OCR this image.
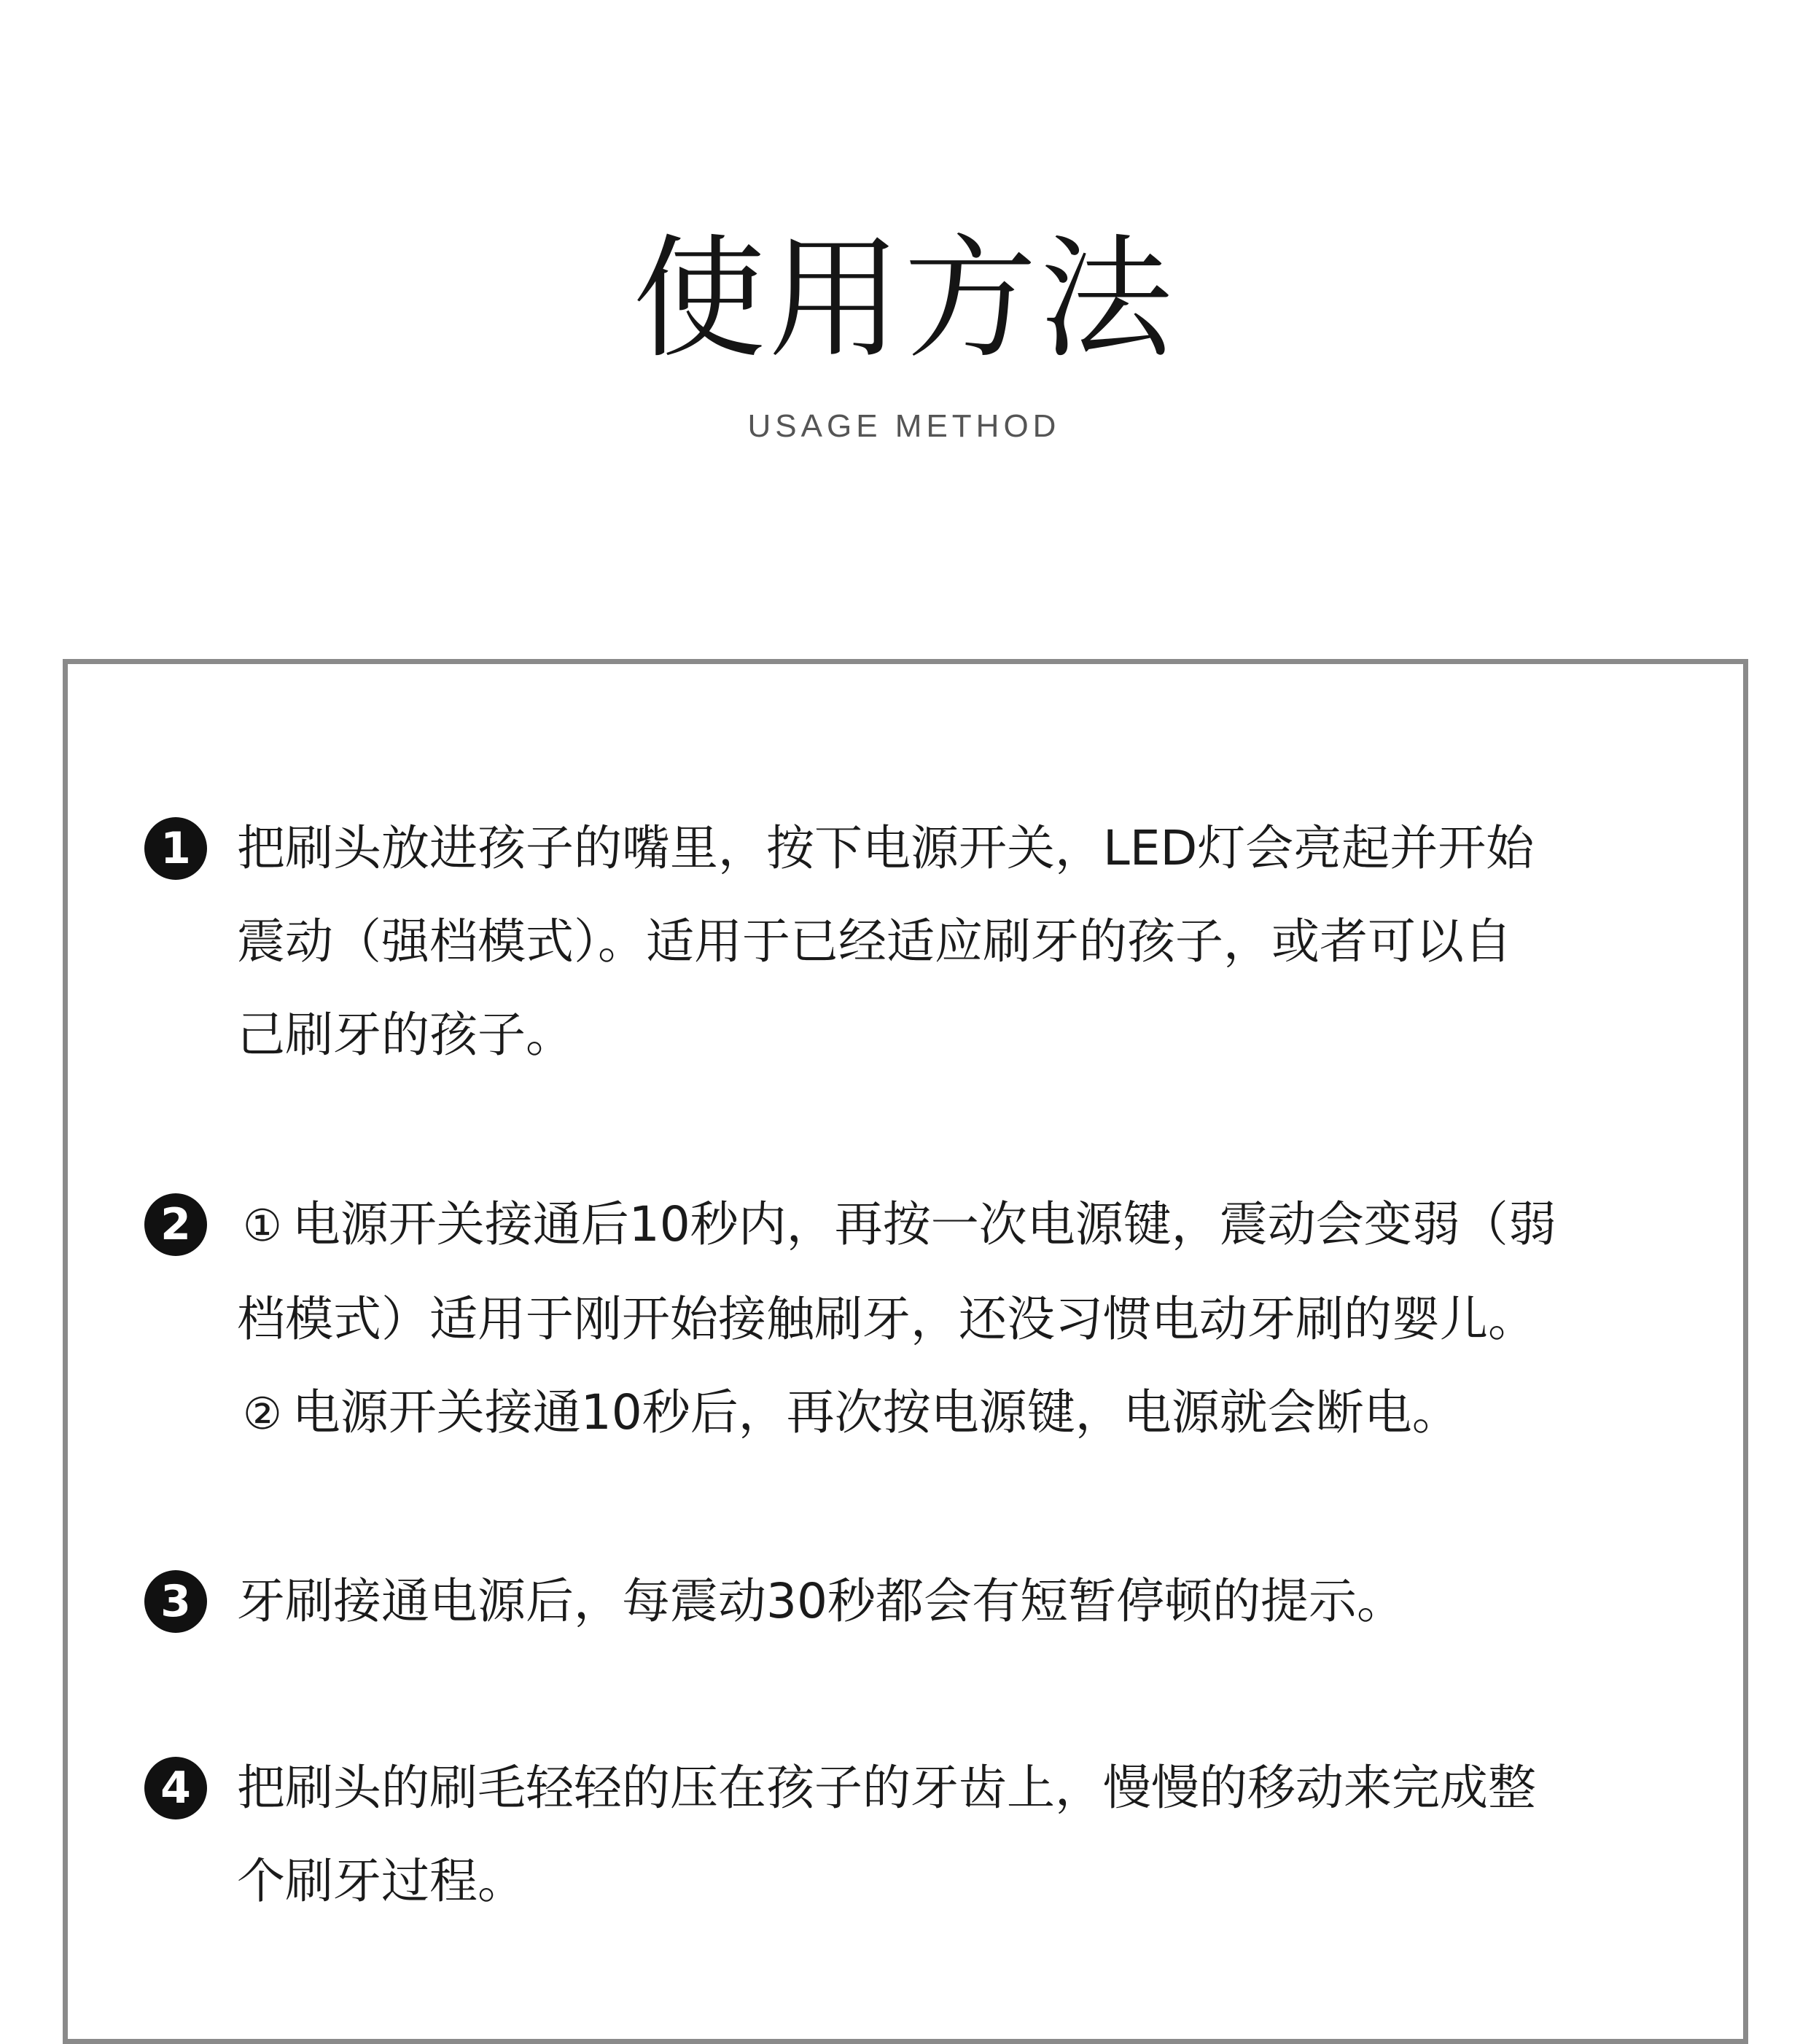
使用方法
USAGE METHOD
1 把刷头放进孩子的嘴里，按下电源开关，LED灯会亮起并开始
震动（强档模式）。适用于已经适应刷牙的孩子，或者可以自
己刷牙的孩子。

2	① 电源开关接通后10秒内，再按一次电源键，震动会变弱（弱
档模式）适用于刚开始接触刷牙，还没习惯电动牙刷的婴儿。
② 电源开关接通10秒后，再次按电源键，电源就会断电。

3 牙刷接通电源后，每震动30秒都会有短暂停顿的提示。

4 把刷头的刷毛轻轻的压在孩子的牙齿上，慢慢的移动来完成整
个刷牙过程。
